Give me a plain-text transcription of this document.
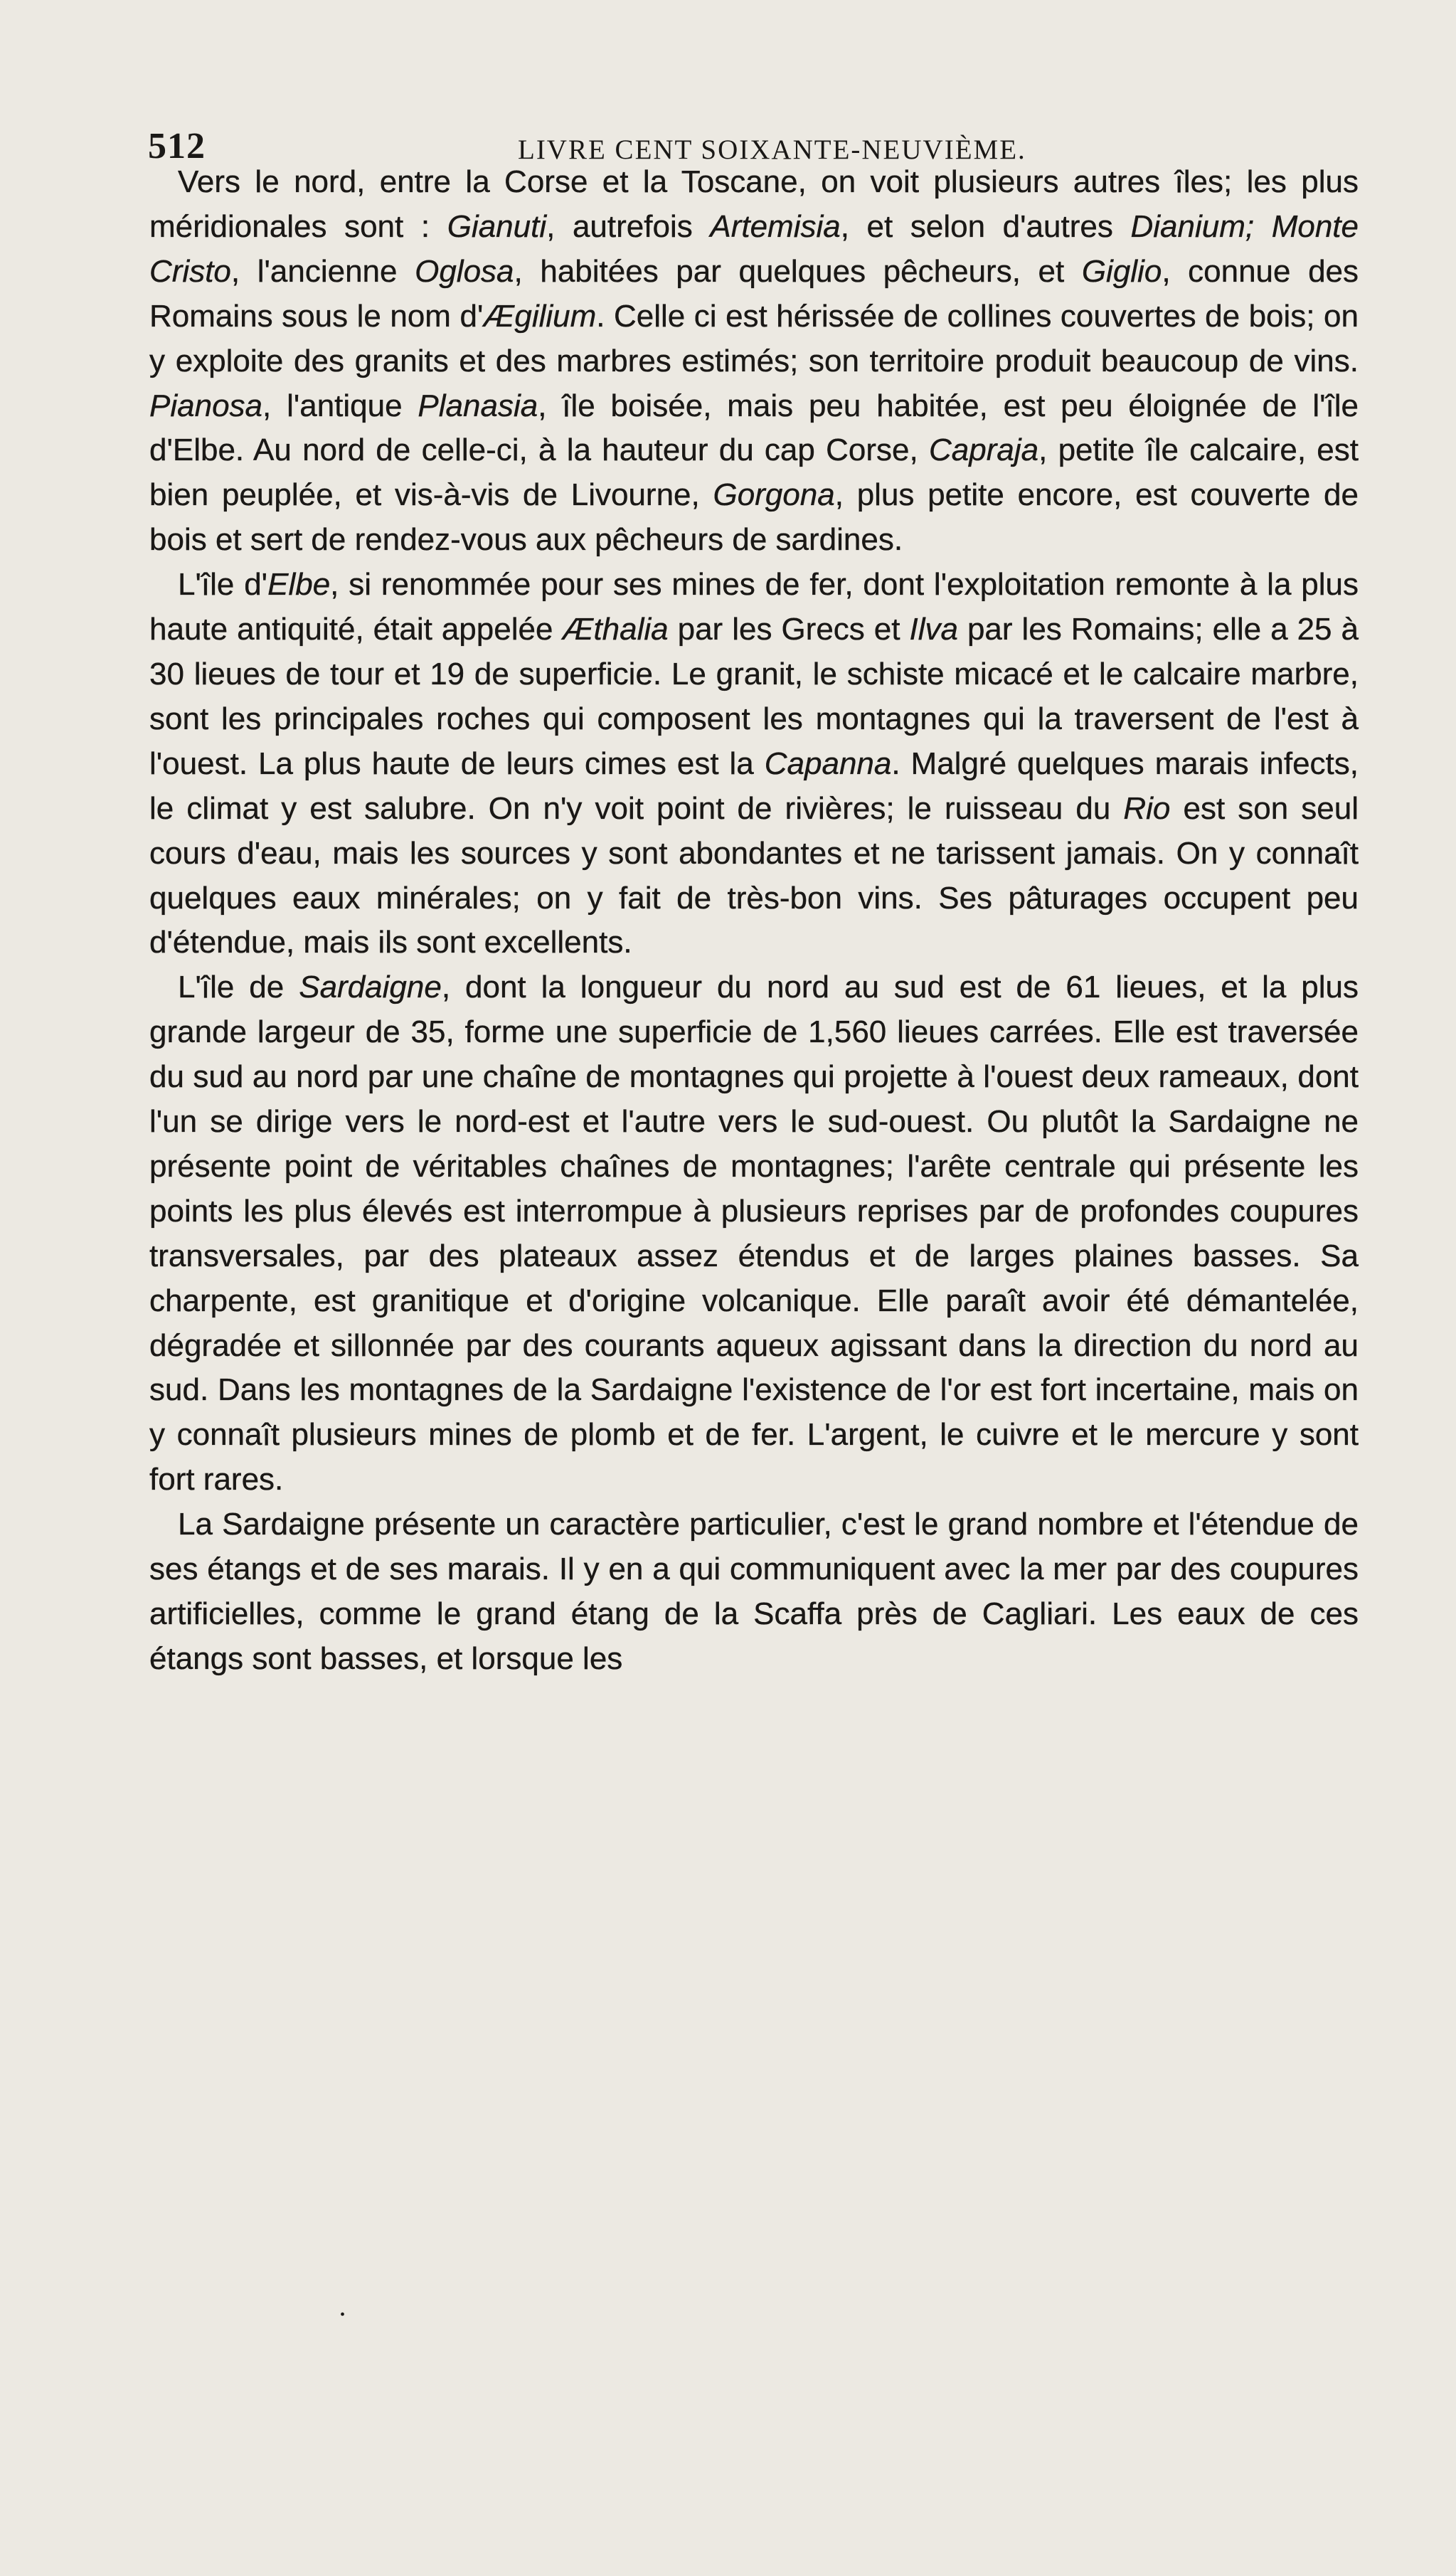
512	LIVRE CENT SOIXANTE-NEUVIÈME.

Vers le nord, entre la Corse et la Toscane, on voit plusieurs autres îles; les plus méridionales sont : Gianuti, autrefois Artemisia, et selon d'autres Dianium; Monte Cristo, l'ancienne Oglosa, habitées par quelques pêcheurs, et Giglio, connue des Romains sous le nom d'Ægilium. Celle ci est hérissée de collines couvertes de bois; on y exploite des granits et des marbres estimés; son territoire produit beaucoup de vins. Pianosa, l'antique Planasia, île boisée, mais peu habitée, est peu éloignée de l'île d'Elbe. Au nord de celle-ci, à la hauteur du cap Corse, Capraja, petite île calcaire, est bien peuplée, et vis-à-vis de Livourne, Gorgona, plus petite encore, est couverte de bois et sert de rendez-vous aux pêcheurs de sardines.

L'île d'Elbe, si renommée pour ses mines de fer, dont l'exploitation remonte à la plus haute antiquité, était appelée Æthalia par les Grecs et Ilva par les Romains; elle a 25 à 30 lieues de tour et 19 de superficie. Le granit, le schiste micacé et le calcaire marbre, sont les principales roches qui composent les montagnes qui la traversent de l'est à l'ouest. La plus haute de leurs cimes est la Capanna. Malgré quelques marais infects, le climat y est salubre. On n'y voit point de rivières; le ruisseau du Rio est son seul cours d'eau, mais les sources y sont abondantes et ne tarissent jamais. On y connaît quelques eaux minérales; on y fait de très-bon vins. Ses pâturages occupent peu d'étendue, mais ils sont excellents.

L'île de Sardaigne, dont la longueur du nord au sud est de 61 lieues, et la plus grande largeur de 35, forme une superficie de 1,560 lieues carrées. Elle est traversée du sud au nord par une chaîne de montagnes qui projette à l'ouest deux rameaux, dont l'un se dirige vers le nord-est et l'autre vers le sud-ouest. Ou plutôt la Sardaigne ne présente point de véritables chaînes de montagnes; l'arête centrale qui présente les points les plus élevés est interrompue à plusieurs reprises par de profondes coupures transversales, par des plateaux assez étendus et de larges plaines basses. Sa charpente, est granitique et d'origine volcanique. Elle paraît avoir été démantelée, dégradée et sillonnée par des courants aqueux agissant dans la direction du nord au sud. Dans les montagnes de la Sardaigne l'existence de l'or est fort incertaine, mais on y connaît plusieurs mines de plomb et de fer. L'argent, le cuivre et le mercure y sont fort rares.

La Sardaigne présente un caractère particulier, c'est le grand nombre et l'étendue de ses étangs et de ses marais. Il y en a qui communiquent avec la mer par des coupures artificielles, comme le grand étang de la Scaffa près de Cagliari. Les eaux de ces étangs sont basses, et lorsque les

•
